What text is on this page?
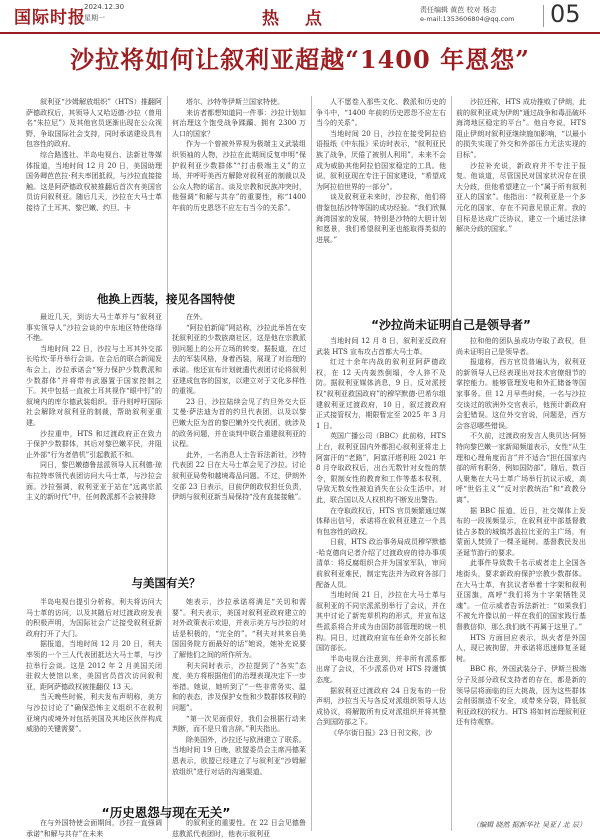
国际时报
2024.12.30
星期一	热 点	责任编辑 黄芭 校对 杨志
e-mail:1353606804@qq.com 05
沙拉将如何让叙利亚超越“1400 年恩怨”

叙利亚“沙姆解放组织”（HTS）推翻阿萨德政权后，其领导人又哈迈德·沙拉（曾用名“朱拉尼”）及其他官员逐渐出现在公众视野，争取国际社会支持，同时承诺建设具有包容性的政府。

综合路透社、半岛电视台、法新社等媒体报道，当地时间 12 月 20 日，美国助理国务卿芭芭拉·利夫率团抵叙，与沙拉直接接触。这是阿萨德政权被推翻后首次有美国官员访问叙利亚。随后几天，沙拉在大马士革接待了土耳其、黎巴嫩、约旦、卡

他换上西装，接见各国特使

最近几天，到访大马士革并与“叙利亚事实领导人”沙拉会谈的中东地区特使络绎不绝。

当地时间 22 日，沙拉与土耳其外交部长哈坎·菲丹举行会谈。在会后的联合新闻发布会上，沙拉承诺会“努力保护少数教派和少数群体”并将带有武器置于国家控制之下。其中包括一直被土耳其视作“眼中钉”的叙境内的库尔德武装组织。菲丹则呼吁国际社会解除对叙利亚的制裁，帮助叙利亚重建。

沙拉重申，HTS 和过渡政府正在致力于保护少数群体，其后对黎巴嫩平民，并阻止外部“行为者借机”引起教派不和。

同日，黎巴嫩德鲁兹派领导人瓦利德·琼布拉特率领代表团访问大马士革，与沙拉会面。沙拉强调，叙利亚亚于站在“远离宗派主义的新时代”中，任何教派都不会被排除

与美国有关？

半岛电视台提引分析称，利夫将访问大马士革的访问，以及其随后对过渡政府发表的积极声明，为国际社会广泛接受叙利亚新政府打开了大门。

据报道，当地时间 12 月 20 日，利夫率领的一个三人代表团抵达大马士革，与沙拉举行会谈。这是 2012 年 2 月美国关闭驻叙大使馆以来，美国官员首次访问叙利亚，距阿萨德政权被推翻仅 13 天。

当天晚些时候，利夫发布声明称，美方与沙拉讨论了“确保恐怖主义组织不在叙利亚境内或境外对包括美国及其地区伙伴构成威胁的关键需要”。

“历史恩怨与现在无关”

在与外国特使会面期间，沙拉一直强调承诺“和解与共存”在未来

塔尔、沙特等伊斯兰国家特使。

来访者都想知道同一件事：沙拉计划如何治理这个饱受战争蹂躏、拥有 2300 万人口的国家？

作为一个曾被外界视为极端主义武装组织领袖的人物，沙拉在此期间反复申明“保护叙利亚少数群体”“打击极端主义”的立场，并呼吁美西方解除对叙利亚的制裁以及公众人物的谣言。谈及宗教和民族冲突时，他强调“和解与共存”的重要性，称“1400 年前的历史恩怨不应左右当今的关系”。

在外。

“阿拉伯新闻”网站称，沙拉此举旨在安抚叙利亚的少数族裔社区，这是他在宗教派别问题上的公开立场的转变。据报道，在过去的军装风格，身着西装，展现了对治理的承诺。他还宣布计划就遣代表团讨论将叙利亚建成包容的国家，以建立对于文化多样性的重视。

23 日，沙拉陆续会见了约旦外交大臣艾曼·萨法迪为首的约旦代表团，以及以黎巴嫩大臣为首的黎巴嫩外交代表团，就涉及的政务问题，并在谈判中联合重建叙利亚的议程。

此外，一名消息人士告诉法新社，沙特代表团 22 日在大马士革会见了沙拉。讨论叙利亚局势和越境毒品问题。不过，伊朗外交部 23 日表示，目前伊朗政权担任负责，伊朗与叙利亚新当局保持“没有直接接触”。

她表示，沙拉承诺将满足“关切和需要”。利夫表示，美国对叙利亚政府建立的对外政策表示欢迎，并表示美方与沙拉的对话是积极的，“完全的”。“利夫对其来自美国国务院方面最好的话”她说，她补充说要了解他们之间的所作所为。

利夫同时表示，沙拉提到了“各实”态度，美方将根据他们的治理表现决定下一步举措。她说，她听到了“一些非常务实、温和的表态，涉及保护女性和少数群体权利的问题”。

“第一次见面很好，我们会根据行动来判断，而不是只看言辞。”利夫指出。

除美国外，沙拉还与欧洲建立了联系。当地时间 19 日晚，欧盟委员会主席冯德莱恩表示，欧盟已经建立了与叙利亚“沙姆解放组织”进行对话的沟通渠道。

的叙利亚的重要性。在 22 日会见德鲁兹教派代表团时，他表示叙利亚

人不愿卷入那些文化、教派和历史的争斗中，“1400 年前的历史恩怨不应左右当今的关系”。

当地时间 20 日，沙拉在接受阿拉伯语报纸《中东报》采访时表示，“叙利亚民族了战争，厌倦了被别人利用”，未来不会成为威胁其他阿拉伯国家稳定的工具。他说，叙利亚现在专注于国家建设，“希望成为阿拉伯世界的一部分”。

谈及叙利亚未来时，沙拉称，他们将借鉴包括沙特等国的成功经验。“我们欣佩海湾国家的发展，特别是沙特的大胆计划和愿景，我们希望叙利亚也能取得类似的进展。”

“沙拉尚未证明自己是领导者”

当地时间 12 月 8 日，叙利亚反政府武装 HTS 宣布攻占首都大马士革。

红过十余年内战的叙利亚阿萨德政权，在 12 天内轰然倒塌，令人猝不及防。据叙利亚媒体消息，9 日，反对派授权“叙利亚救国政府”的穆罕默德·巴希尔组建叙利亚过渡政府，10 日，叙过渡政府正式接管权力，期限暂定至 2025 年 3 月 1 日。

英国广播公司（BBC）此前称，HTS 上台，叙利亚国内外都担心叙利亚将走上阿富汗的“老路”，阿富汗塔利班 2021 年 8 月夺取政权后，出台无数针对女性的禁令，限制女性的教育和工作等基本权利，导致无数女性被迫消失在公众生活中。对此，联合国以及人权机构不断发出警告。

在夺取政权后，HTS 官员频繁通过媒体释出信号，承诺将在叙利亚建立一个具有包容性的政权。

日前，HTS 政治事务局成员穆罕默德·哈克德向记者介绍了过渡政府的待办事项清单：将反腐组织合并为国家军队，审问前叙利亚难民，制定宪法并为政府各部门配备人员。

当地时间 21 日，沙拉在大马士革与叙利亚的不同宗派派别举行了会议，并在其中讨论了新宪草机构的形式，并宣布这些派系将合并成为由国防部管理的统一机构。同日，过渡政府宣布任命外交部长和国防部长。

半岛电视台注意到，并非所有派系都出席了会议，不少派系仍对 HTS 持谨慎态度。

据叙利亚过渡政府 24 日发布的一份声明，沙拉当天与各反对派组织领导人达成协议，将解散所有反对派组织并将其整合到国防部之下。

《华尔街日报》23 日刊文称，沙

沙拉还称，HTS 成功推败了伊朗，此前的叙利亚成为伊朗“通过战争和毒品破坏海湾地区稳定的平台”。他自夸说，HTS 阻止伊朗对叙利亚继续施加影响，“以最小的损失实现了外交和外部压力无法实现的目标”。

沙拉补充说，新政府并不专注于报复。他谈道，尽管国民对国家状况存在很大分歧，但他希望建立一个“属于所有叙利亚人的国家”。他指出：“叙利亚是一个多元化的国家，存在不同意见很正常。我的目标是达成广泛协议，建立一个通过法律解决分歧的国家。”

拉和他的团队虽成功夺取了政权，但尚未证明自己是领导者。

报道称，西方官员普遍认为，叙利亚的新领导人已经表现出对技术官僚细节的掌控能力。能够管理发电和外汇储备等国家事务。但 12 月早些时候，一名与沙拉交谈过的欧洲外交官表示，他预计新政府会犯错误。这位外交官说，问题是，西方会容忍哪些错误。

不久前，过渡政府发言人奥贝达·阿努特向黎巴嫩一家新闻频道表示，女性“从生理和心理角度而言”并不适合“担任国家内部的所有职务，例如国防部”。随后，数百人聚集在大马士革广场举行抗议示威，高呼“世俗主义”“反对宗教统治”和“政教分离”。

据 BBC 报道，近日，社交媒体上发布的一段视频显示，在叙利亚中部基督教徒占多数的城镇苏盖拉比亚的主广场，有蒙面人焚毁了一棵圣诞树。基督教民发出圣诞节游行的要求。

此事件导致数千名示威者走上全国各地街头，要求新政府保护宗教少数群体。在大马士革，有抗议者举着十字架和叙利亚国旗，高呼“我们将为十字架牺牲灵魂”。一位示威者告诉法新社：“如果我们不被允许像以前一样在我们的国家践行基督教信仰，那么我们就不再属于这里了。”

HTS 方面回应表示，纵火者是外国人，现已被拘留，并承诺将迅速修复圣诞树。

BBC 称，外国武装分子、伊斯兰极端分子及部分政权支持者的存在，都是新的领导层将面临的巨大挑战，因为这些群体会削弱制造不安全，或带来分裂，降低叙利亚政权的权力。HTS 将如何治理叙利亚还有待观察。

（编辑 晓然 据新华社 吴亚 / 北 辰）
